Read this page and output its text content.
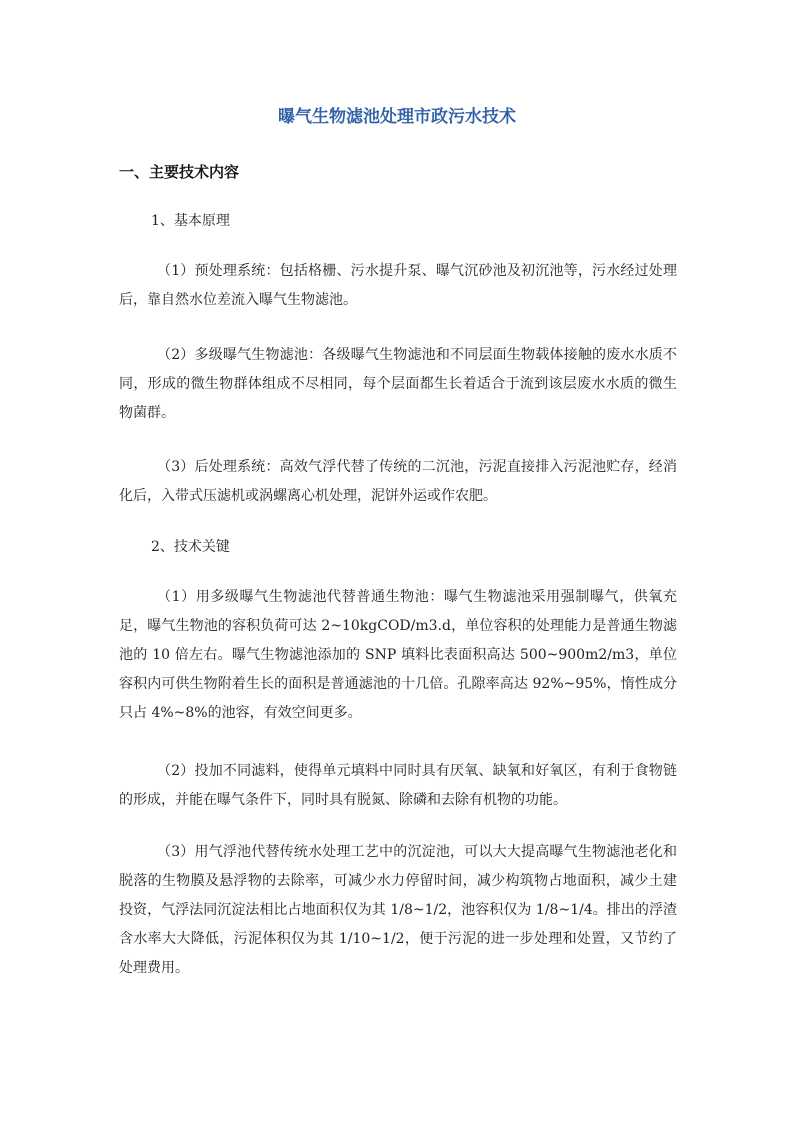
曝气生物滤池处理市政污水技术
一、主要技术内容
1、基本原理
（1）预处理系统：包括格栅、污水提升泵、曝气沉砂池及初沉池等，污水经过处理后，靠自然水位差流入曝气生物滤池。
（2）多级曝气生物滤池：各级曝气生物滤池和不同层面生物载体接触的废水水质不同，形成的微生物群体组成不尽相同，每个层面都生长着适合于流到该层废水水质的微生物菌群。
（3）后处理系统：高效气浮代替了传统的二沉池，污泥直接排入污泥池贮存，经消化后，入带式压滤机或涡螺离心机处理，泥饼外运或作农肥。
2、技术关键
（1）用多级曝气生物滤池代替普通生物池：曝气生物滤池采用强制曝气，供氧充足，曝气生物池的容积负荷可达 2~10kgCOD/m3.d，单位容积的处理能力是普通生物滤池的 10 倍左右。曝气生物滤池添加的 SNP 填料比表面积高达 500~900m2/m3，单位容积内可供生物附着生长的面积是普通滤池的十几倍。孔隙率高达 92%~95%，惰性成分只占 4%~8%的池容，有效空间更多。
（2）投加不同滤料，使得单元填料中同时具有厌氧、缺氧和好氧区，有利于食物链的形成，并能在曝气条件下，同时具有脱氮、除磷和去除有机物的功能。
（3）用气浮池代替传统水处理工艺中的沉淀池，可以大大提高曝气生物滤池老化和脱落的生物膜及悬浮物的去除率，可减少水力停留时间，减少构筑物占地面积，减少土建投资，气浮法同沉淀法相比占地面积仅为其 1/8~1/2，池容积仅为 1/8~1/4。排出的浮渣含水率大大降低，污泥体积仅为其 1/10~1/2，便于污泥的进一步处理和处置，又节约了处理费用。
